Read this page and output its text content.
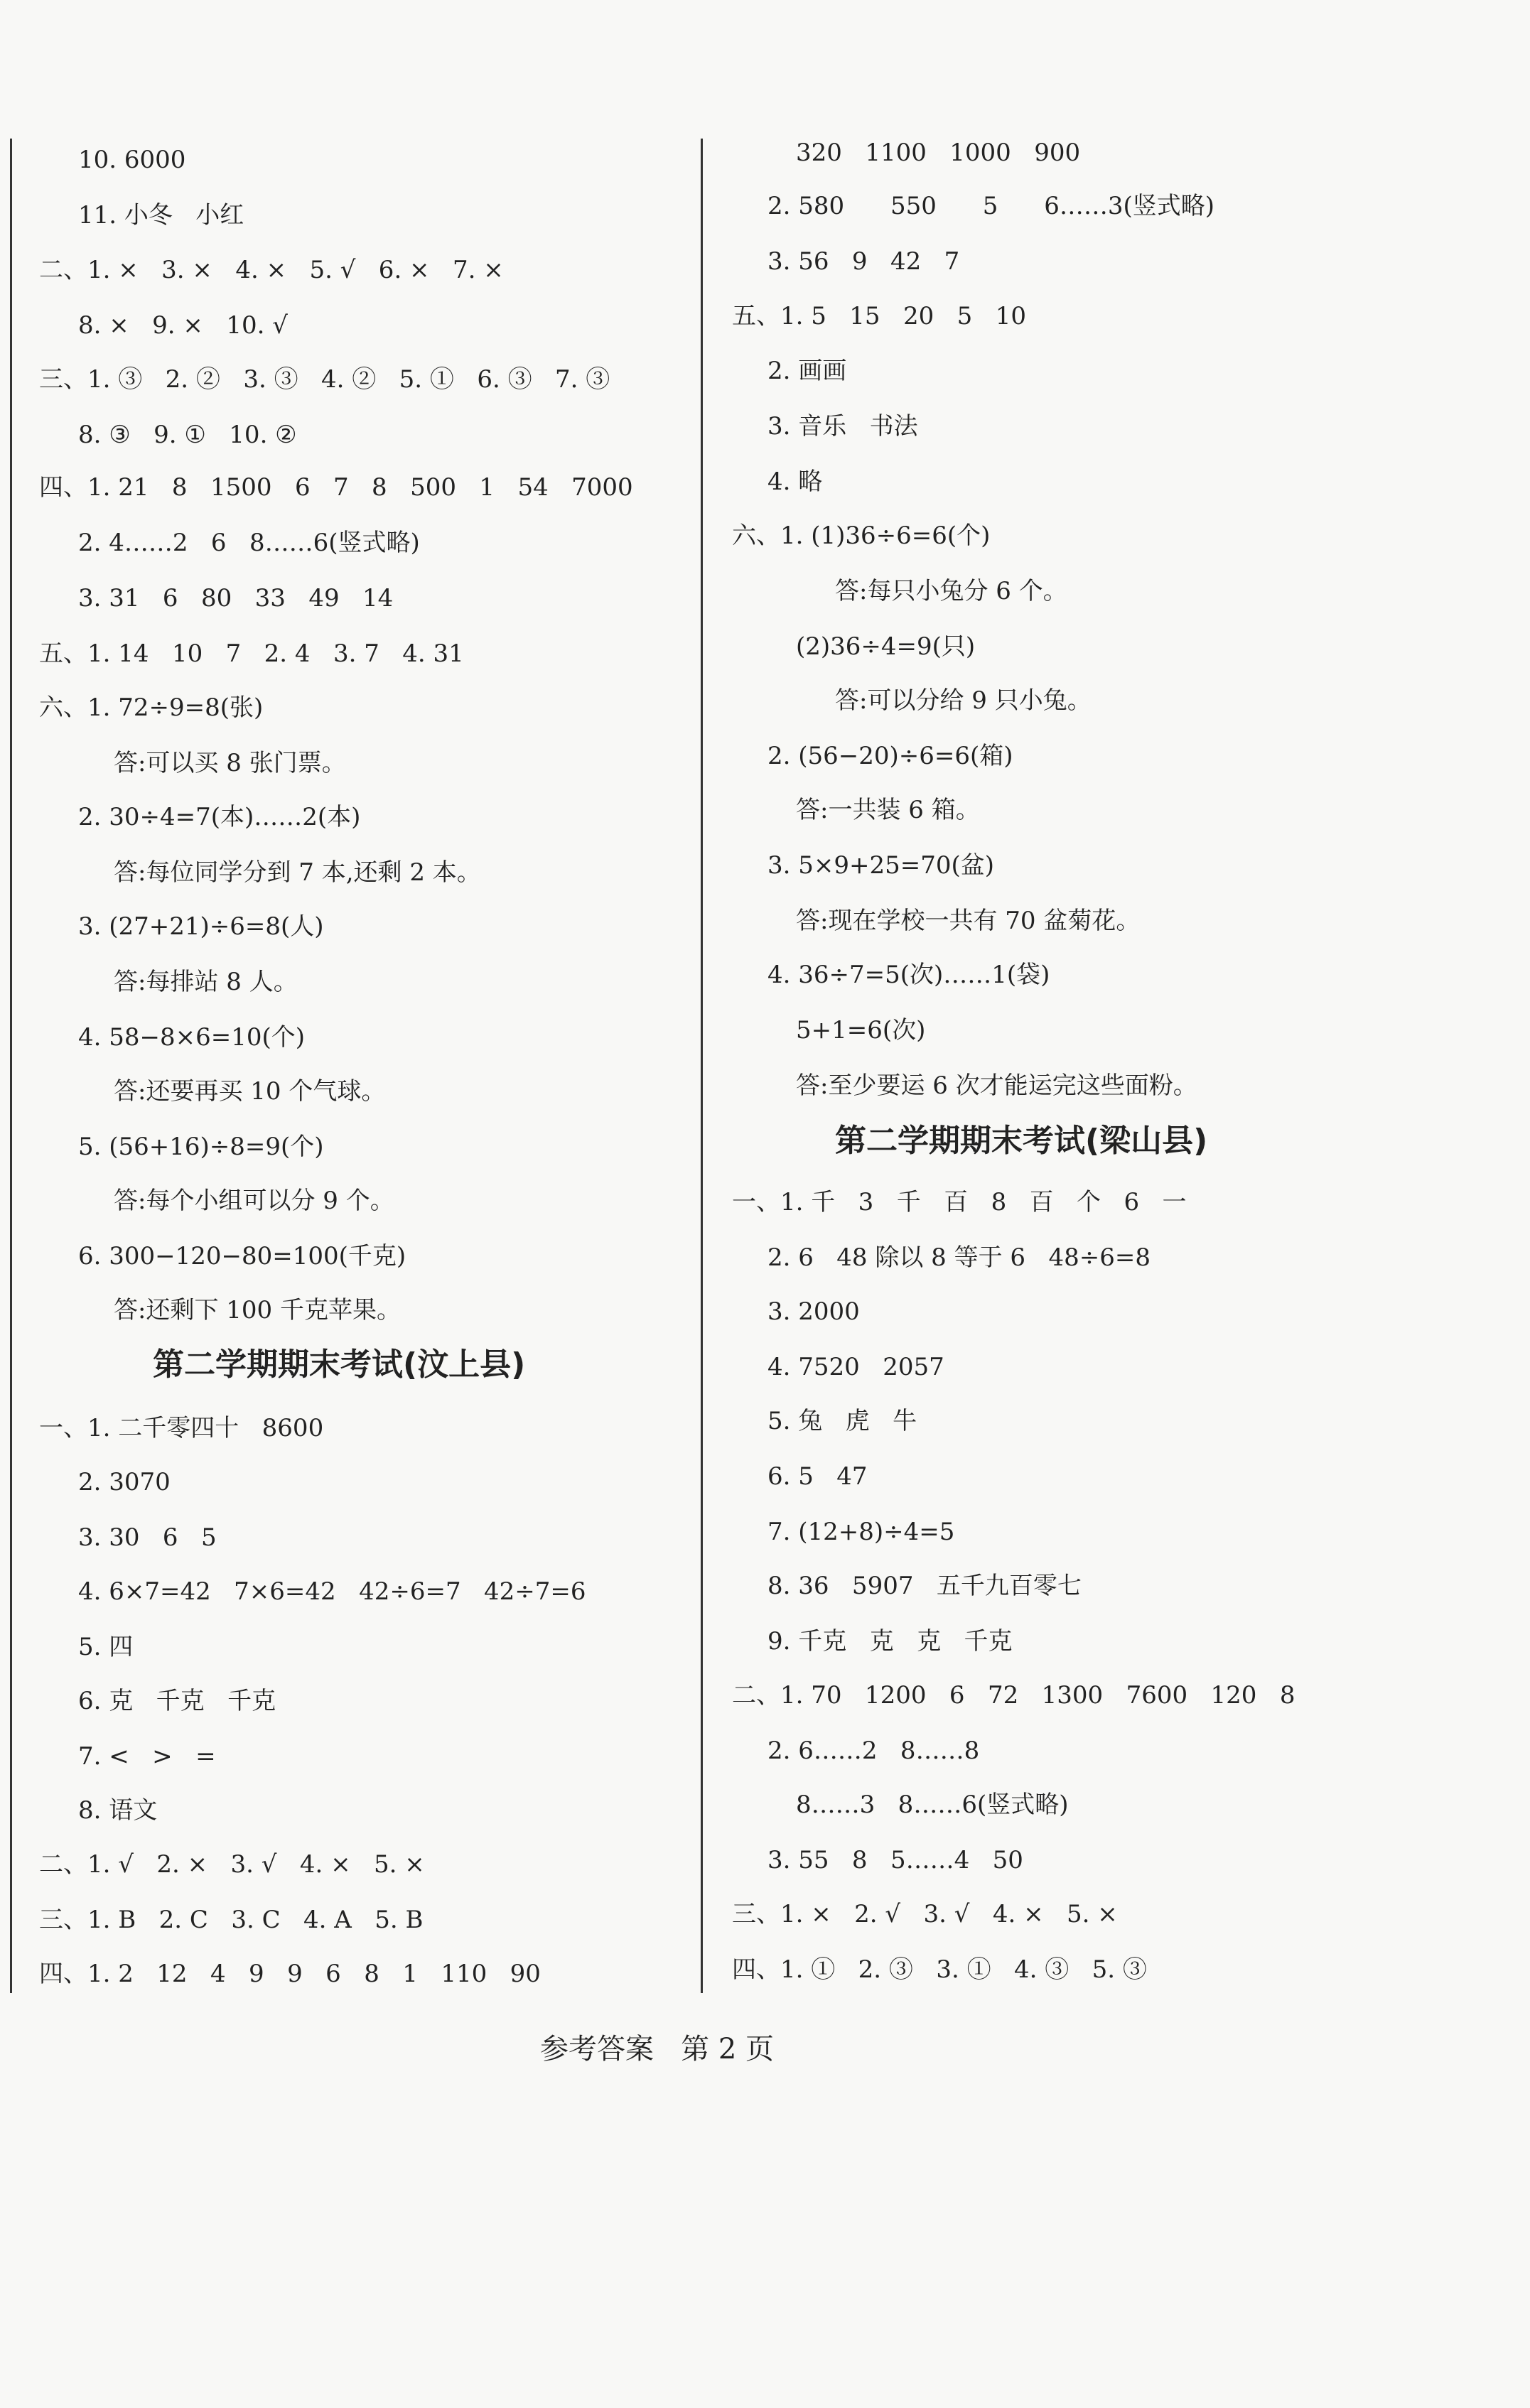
10. 6000
11. 小冬   小红
二、1. ×   3. ×   4. ×   5. √   6. ×   7. ×
8. ×   9. ×   10. √
三、1. ③   2. ②   3. ③   4. ②   5. ①   6. ③   7. ③
8. ③   9. ①   10. ②
四、1. 21   8   1500   6   7   8   500   1   54   7000
2. 4……2   6   8……6(竖式略)
3. 31   6   80   33   49   14
五、1. 14   10   7   2. 4   3. 7   4. 31
六、1. 72÷9=8(张)
答:可以买 8 张门票。
2. 30÷4=7(本)……2(本)
答:每位同学分到 7 本,还剩 2 本。
3. (27+21)÷6=8(人)
答:每排站 8 人。
4. 58−8×6=10(个)
答:还要再买 10 个气球。
5. (56+16)÷8=9(个)
答:每个小组可以分 9 个。
6. 300−120−80=100(千克)
答:还剩下 100 千克苹果。
一、1. 二千零四十   8600
2. 3070
3. 30   6   5
4. 6×7=42   7×6=42   42÷6=7   42÷7=6
5. 四
6. 克   千克   千克
7. <   >   =
8. 语文
二、1. √   2. ×   3. √   4. ×   5. ×
三、1. B   2. C   3. C   4. A   5. B
四、1. 2   12   4   9   9   6   8   1   110   90
第二学期期末考试(汶上县)
320   1100   1000   900
2. 580      550      5      6……3(竖式略)
3. 56   9   42   7
五、1. 5   15   20   5   10
2. 画画
3. 音乐   书法
4. 略
六、1. (1)36÷6=6(个)
答:每只小兔分 6 个。
(2)36÷4=9(只)
答:可以分给 9 只小兔。
2. (56−20)÷6=6(箱)
答:一共装 6 箱。
3. 5×9+25=70(盆)
答:现在学校一共有 70 盆菊花。
4. 36÷7=5(次)……1(袋)
5+1=6(次)
答:至少要运 6 次才能运完这些面粉。
一、1. 千   3   千   百   8   百   个   6   一
2. 6   48 除以 8 等于 6   48÷6=8
3. 2000
4. 7520   2057
5. 兔   虎   牛
6. 5   47
7. (12+8)÷4=5
8. 36   5907   五千九百零七
9. 千克   克   克   千克
二、1. 70   1200   6   72   1300   7600   120   8
2. 6……2   8……8
8……3   8……6(竖式略)
3. 55   8   5……4   50
三、1. ×   2. √   3. √   4. ×   5. ×
四、1. ①   2. ③   3. ①   4. ③   5. ③
第二学期期末考试(梁山县)
参考答案   第 2 页
